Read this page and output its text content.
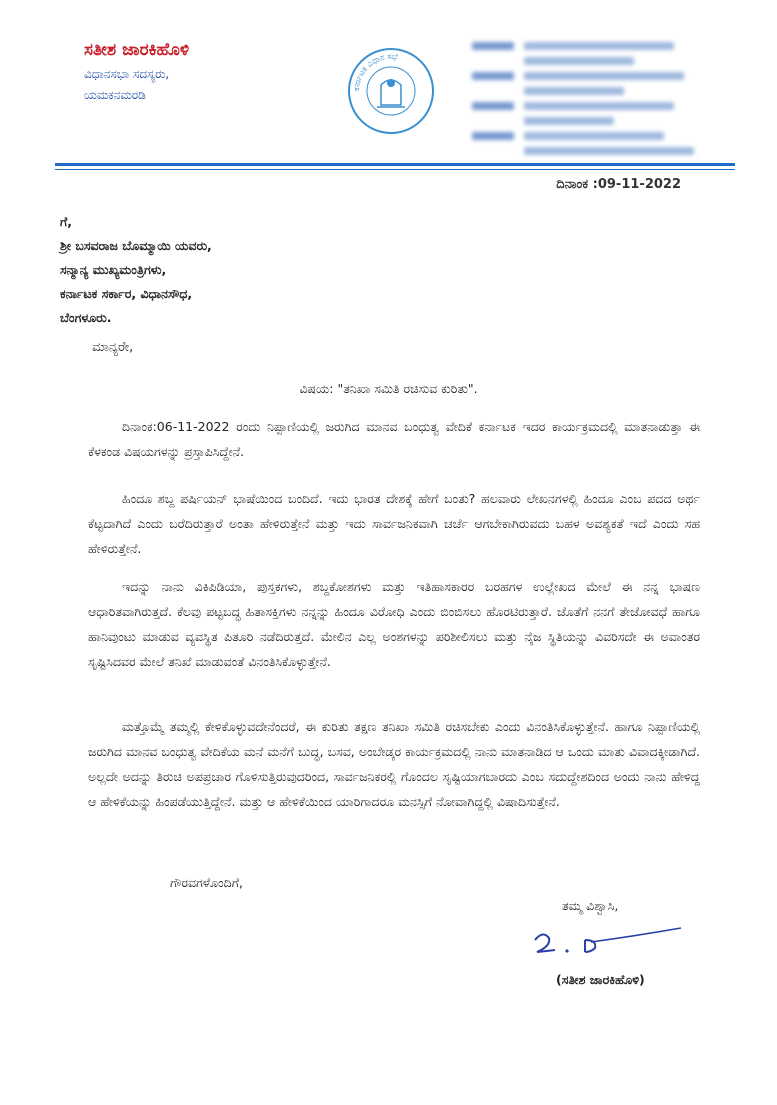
ಸತೀಶ ಜಾರಕಿಹೊಳಿ
ವಿಧಾನಸಭಾ ಸದಸ್ಯರು,
ಯಮಕನಮರಡಿ	ಕರ್ನಾಟಕ ವಿಧಾನ ಸಭೆ
ದಿನಾಂಕ :09-11-2022
ಗೆ,
ಶ್ರೀ ಬಸವರಾಜ ಬೊಮ್ಮಾಯಿ ಯವರು,
ಸನ್ಮಾನ್ಯ ಮುಖ್ಯಮಂತ್ರಿಗಳು,
ಕರ್ನಾಟಕ ಸರ್ಕಾರ, ವಿಧಾನಸೌಧ,
ಬೆಂಗಳೂರು.
ಮಾನ್ಯರೇ,
ವಿಷಯ: "ತನಿಖಾ ಸಮಿತಿ ರಚಿಸುವ ಕುರಿತು".
ದಿನಾಂಕ:06-11-2022 ರಂದು ನಿಪ್ಪಾಣಿಯಲ್ಲಿ ಜರುಗಿದ ಮಾನವ ಬಂಧುತ್ವ ವೇದಿಕೆ ಕರ್ನಾಟಕ ಇದರ ಕಾರ್ಯಕ್ರಮದಲ್ಲಿ ಮಾತನಾಡುತ್ತಾ ಈ ಕೆಳಕಂಡ ವಿಷಯಗಳನ್ನು ಪ್ರಸ್ತಾಪಿಸಿದ್ದೇನೆ.
ಹಿಂದೂ ಶಬ್ದ ಪರ್ಷಿಯನ್ ಭಾಷೆಯಿಂದ ಬಂದಿದೆ. ಇದು ಭಾರತ ದೇಶಕ್ಕೆ ಹೇಗೆ ಬಂತು? ಹಲವಾರು ಲೇಖನಗಳಲ್ಲಿ ಹಿಂದೂ ಎಂಬ ಪದದ ಅರ್ಥ ಕೆಟ್ಟದಾಗಿದೆ ಎಂದು ಬರೆದಿರುತ್ತಾರೆ ಅಂತಾ ಹೇಳಿರುತ್ತೇನೆ ಮತ್ತು ಇದು ಸಾರ್ವಜನಿಕವಾಗಿ ಚರ್ಚೆ ಆಗಬೇಕಾಗಿರುವದು ಬಹಳ ಅವಶ್ಯಕತೆ ಇದೆ ಎಂದು ಸಹ ಹೇಳಿರುತ್ತೇನೆ.
ಇದನ್ನು ನಾನು ವಿಕಿಪಿಡಿಯಾ, ಪುಸ್ತಕಗಳು, ಶಬ್ದಕೋಶಗಳು ಮತ್ತು ಇತಿಹಾಸಕಾರರ ಬರಹಗಳ ಉಲ್ಲೇಖದ ಮೇಲೆ ಈ ನನ್ನ ಭಾಷಣ ಆಧಾರಿತವಾಗಿರುತ್ತದೆ. ಕೆಲವು ಪಟ್ಟಬದ್ಧ ಹಿತಾಸಕ್ತಿಗಳು ನನ್ನನ್ನು ಹಿಂದೂ ವಿರೋಧಿ ಎಂದು ಬಿಂಬಿಸಲು ಹೊರಟಿರುತ್ತಾರೆ. ಜೊತೆಗೆ ನನಗೆ ತೇಜೋವಧೆ ಹಾಗೂ ಹಾನಿವುಂಟು ಮಾಡುವ ವ್ಯವಸ್ಥಿತ ಪಿತೂರಿ ನಡೆದಿರುತ್ತದೆ. ಮೇಲಿನ ಎಲ್ಲ ಅಂಶಗಳನ್ನು ಪರಿಶೀಲಿಸಲು ಮತ್ತು ನೈಜ ಸ್ಥಿತಿಯನ್ನು ವಿವರಿಸದೇ ಈ ಅವಾಂತರ ಸೃಷ್ಟಿಸಿದವರ ಮೇಲೆ ತನಿಖೆ ಮಾಡುವಂತೆ ವಿನಂತಿಸಿಕೊಳ್ಳುತ್ತೇನೆ.
ಮತ್ತೊಮ್ಮೆ ತಮ್ಮಲ್ಲಿ ಕೇಳಿಕೊಳ್ಳುವದೇನೆಂದರೆ, ಈ ಕುರಿತು ತಕ್ಷಣ ತನಿಖಾ ಸಮಿತಿ ರಚಿಸಬೇಕು ಎಂದು ವಿನಂತಿಸಿಕೊಳ್ಳುತ್ತೇನೆ. ಹಾಗೂ ನಿಪ್ಪಾಣಿಯಲ್ಲಿ ಜರುಗಿದ ಮಾನವ ಬಂಧುತ್ವ ವೇದಿಕೆಯ ಮನೆ ಮನೆಗೆ ಬುದ್ಧ, ಬಸವ, ಅಂಬೇಡ್ಕರ ಕಾರ್ಯಕ್ರಮದಲ್ಲಿ ನಾನು ಮಾತನಾಡಿದ ಆ ಒಂದು ಮಾತು ವಿವಾದಕ್ಕೀಡಾಗಿದೆ. ಅಲ್ಲದೇ ಅದನ್ನು ತಿರುಚಿ ಅಪಪ್ರಚಾರ ಗೊಳಿಸುತ್ತಿರುವುದರಿಂದ, ಸಾರ್ವಜನಿಕರಲ್ಲಿ ಗೊಂದಲ ಸೃಷ್ಟಿಯಾಗಬಾರದು ಎಂಬ ಸದುದ್ದೇಶದಿಂದ ಅಂದು ನಾನು ಹೇಳಿದ್ದ ಆ ಹೇಳಿಕೆಯನ್ನು ಹಿಂಪಡೆಯುತ್ತಿದ್ದೇನೆ. ಮತ್ತು ಆ ಹೇಳಿಕೆಯಿಂದ ಯಾರಿಗಾದರೂ ಮನಸ್ಸಿಗೆ ನೋವಾಗಿದ್ದಲ್ಲಿ ವಿಷಾದಿಸುತ್ತೇನೆ.
ಗೌರವಗಳೊಂದಿಗೆ,
ತಮ್ಮ ವಿಶ್ವಾಸಿ,
(ಸತೀಶ ಜಾರಕಿಹೊಳಿ)
